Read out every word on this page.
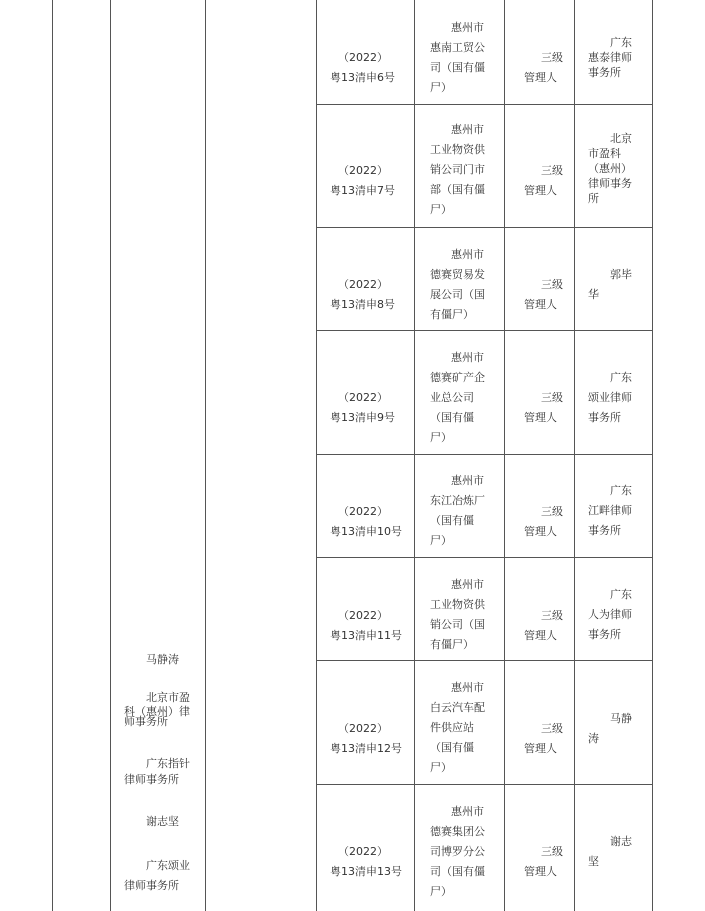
（2022）
粤13清申6号
惠州市
惠南工贸公
司（国有僵
尸）
三级
管理人
广东
惠泰律师
事务所
（2022）
粤13清申7号
惠州市
工业物资供
销公司门市
部（国有僵
尸）
三级
管理人
北京
市盈科
（惠州）
律师事务
所
（2022）
粤13清申8号
惠州市
德赛贸易发
展公司（国
有僵尸）
三级
管理人
郭毕
华
（2022）
粤13清申9号
惠州市
德赛矿产企
业总公司
（国有僵
尸）
三级
管理人
广东
颂业律师
事务所
（2022）
粤13清申10号
惠州市
东江冶炼厂
（国有僵
尸）
三级
管理人
广东
江畔律师
事务所
（2022）
粤13清申11号
惠州市
工业物资供
销公司（国
有僵尸）
三级
管理人
广东
人为律师
事务所
（2022）
粤13清申12号
惠州市
白云汽车配
件供应站
（国有僵
尸）
三级
管理人
马静
涛
（2022）
粤13清申13号
惠州市
德赛集团公
司博罗分公
司（国有僵
尸）
三级
管理人
谢志
坚
马静涛
北京市盈
科（惠州）律
师事务所
广东指针
律师事务所
谢志坚
广东颂业
律师事务所
